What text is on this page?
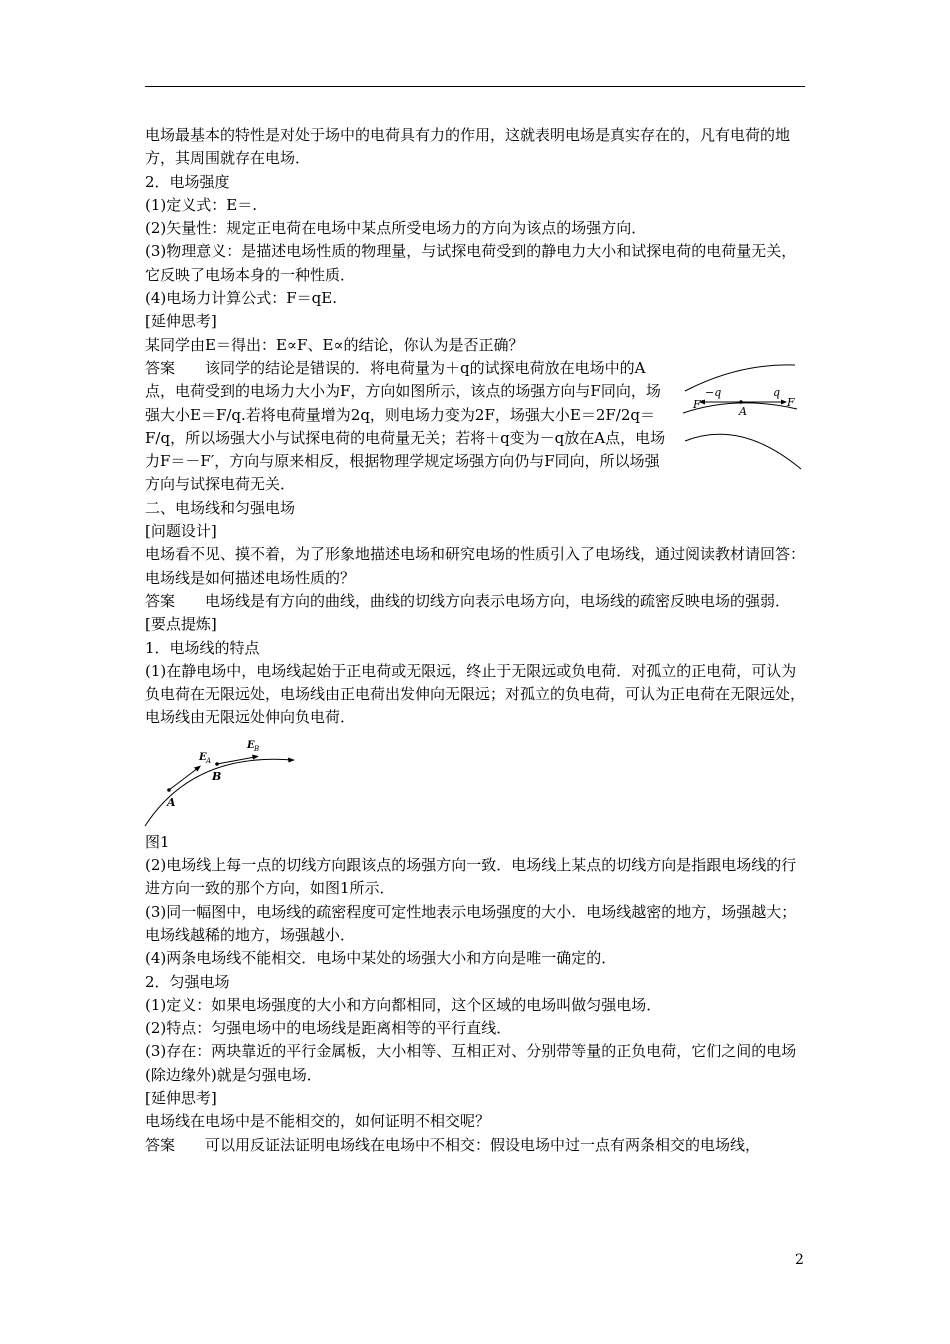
电场最基本的特性是对处于场中的电荷具有力的作用，这就表明电场是真实存在的，凡有电荷的地方，其周围就存在电场．

2．电场强度

(1)定义式：E＝.

(2)矢量性：规定正电荷在电场中某点所受电场力的方向为该点的场强方向．

(3)物理意义：是描述电场性质的物理量，与试探电荷受到的静电力大小和试探电荷的电荷量无关，它反映了电场本身的一种性质．

(4)电场力计算公式：F＝qE.

[延伸思考]

某同学由E＝得出：E∝F、E∝的结论，你认为是否正确？

答案 该同学的结论是错误的．将电荷量为＋q的试探电荷放在电场中的A点，电荷受到的电场力大小为F，方向如图所示，该点的场强方向与F同向，场强大小E＝F/q.若将电荷量增为2q，则电场力变为2F，场强大小E＝2F/2q＝F/q，所以场强大小与试探电荷的电荷量无关；若将＋q变为－q放在A点，电场力F＝－F′，方向与原来相反，根据物理学规定场强方向仍与F同向，所以场强方向与试探电荷无关．

F′
−q
A
q
F

二、电场线和匀强电场

[问题设计]

电场看不见、摸不着，为了形象地描述电场和研究电场的性质引入了电场线，通过阅读教材请回答：电场线是如何描述电场性质的？

答案 电场线是有方向的曲线，曲线的切线方向表示电场方向，电场线的疏密反映电场的强弱．

[要点提炼]

1．电场线的特点

(1)在静电场中，电场线起始于正电荷或无限远，终止于无限远或负电荷．对孤立的正电荷，可认为负电荷在无限远处，电场线由正电荷出发伸向无限远；对孤立的负电荷，可认为正电荷在无限远处，电场线由无限远处伸向负电荷．

E A
E B
B
A

图1

(2)电场线上每一点的切线方向跟该点的场强方向一致．电场线上某点的切线方向是指跟电场线的行进方向一致的那个方向，如图1所示．

(3)同一幅图中，电场线的疏密程度可定性地表示电场强度的大小．电场线越密的地方，场强越大；电场线越稀的地方，场强越小．

(4)两条电场线不能相交．电场中某处的场强大小和方向是唯一确定的．

2．匀强电场

(1)定义：如果电场强度的大小和方向都相同，这个区域的电场叫做匀强电场．

(2)特点：匀强电场中的电场线是距离相等的平行直线．

(3)存在：两块靠近的平行金属板，大小相等、互相正对、分别带等量的正负电荷，它们之间的电场(除边缘外)就是匀强电场．

[延伸思考]

电场线在电场中是不能相交的，如何证明不相交呢？

答案 可以用反证法证明电场线在电场中不相交：假设电场中过一点有两条相交的电场线，

2
